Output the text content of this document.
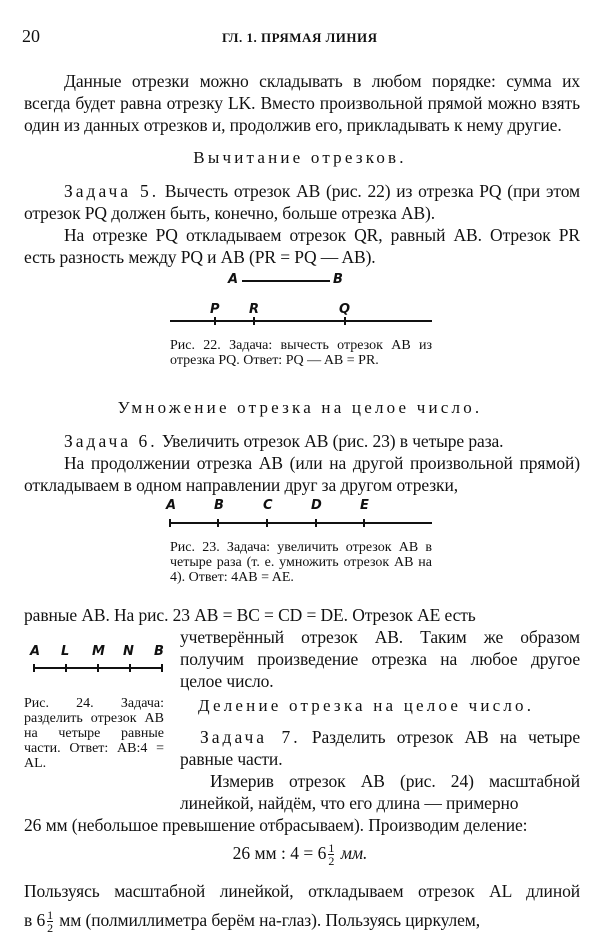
20	ГЛ. 1. ПРЯМАЯ ЛИНИЯ
Данные отрезки можно складывать в любом порядке: сумма их всегда будет равна отрезку LK. Вместо произвольной прямой можно взять один из данных отрезков и, продолжив его, прикладывать к нему другие.
Вычитание отрезков.
Задача 5. Вычесть отрезок AB (рис. 22) из отрезка PQ (при этом отрезок PQ должен быть, конечно, больше отрезка AB).
На отрезке PQ откладываем отрезок QR, равный AB. Отрезок PR есть разность между PQ и AB (PR = PQ — AB).
A	B
P R	Q
Рис. 22. Задача: вычесть отрезок AB из отрезка PQ. Ответ: PQ — AB = PR.
Умножение отрезка на целое число.
Задача 6. Увеличить отрезок AB (рис. 23) в четыре раза.
На продолжении отрезка AB (или на другой произвольной прямой) откладываем в одном направлении друг за другом отрезки,
A	B	C	D	E
Рис. 23. Задача: увеличить отрезок AB в четыре раза (т. е. умножить отрезок AB на 4). Ответ: 4AB = AE.
равные AB. На рис. 23 AB = BC = CD = DE. Отрезок AE есть
учетверённый отрезок AB. Таким же образом получим произведение отрезка на любое другое целое число.
A L M N B
Рис. 24. Задача: разделить отрезок AB на четыре равные части. Ответ: AB:4 = AL.
Деление отрезка на целое число.
Задача 7. Разделить отрезок AB на четыре равные части.
Измерив отрезок AB (рис. 24) масштабной линейкой, найдём, что его длина — примерно
26 мм (небольшое превышение отбрасываем). Производим деление:
26 мм : $4 = 6 \frac{1}{2}$ мм.
Пользуясь масштабной линейкой, откладываем отрезок AL длиной
в $6 \frac{1}{2}$ мм (полмиллиметра берём на-глаз). Пользуясь циркулем,
